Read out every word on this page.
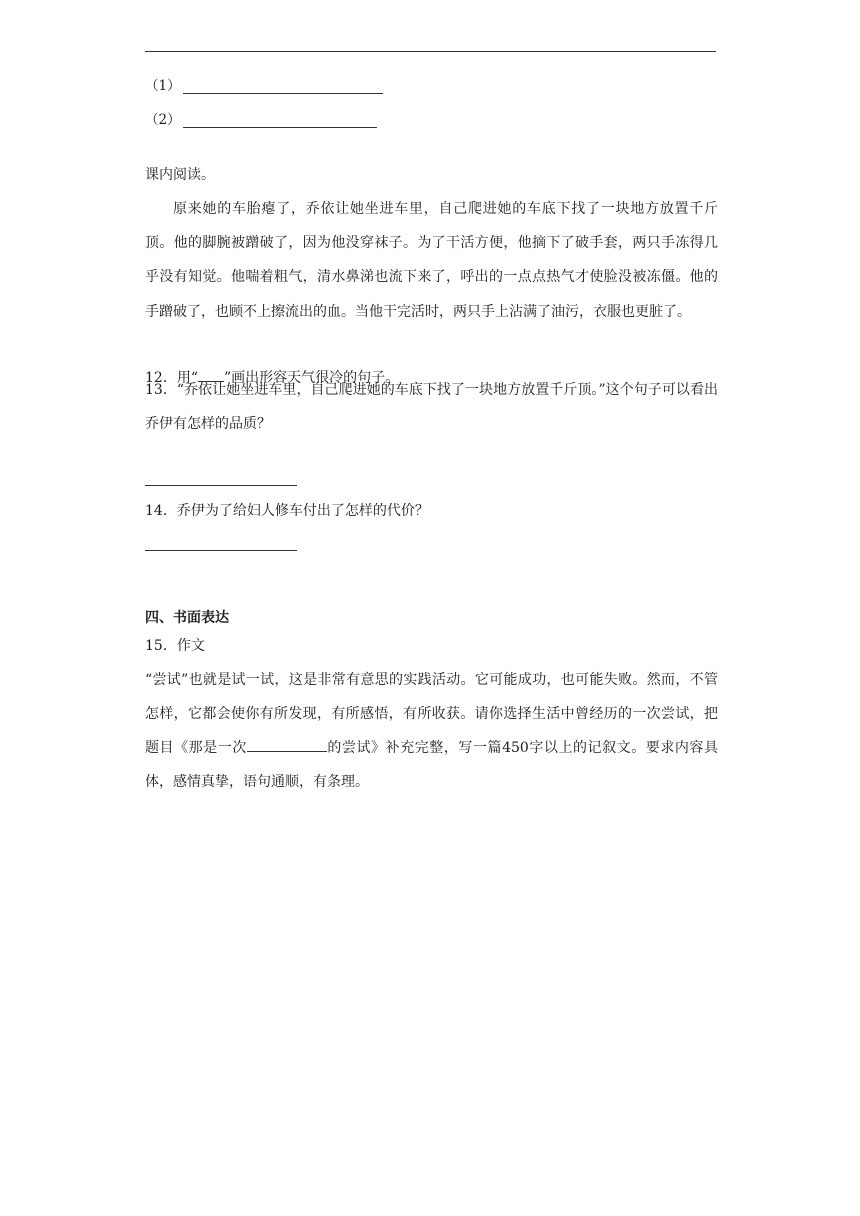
（1）
（2）
课内阅读。

原来她的车胎瘪了，乔依让她坐进车里，自己爬进她的车底下找了一块地方放置千斤顶。他的脚腕被蹭破了，因为他没穿袜子。为了干活方便，他摘下了破手套，两只手冻得几乎没有知觉。他喘着粗气，清水鼻涕也流下来了，呼出的一点点热气才使脸没被冻僵。他的手蹭破了，也顾不上擦流出的血。当他干完活时，两只手上沾满了油污，衣服也更脏了。

12．用“ ”画出形容天气很冷的句子。
13．“乔依让她坐进车里，自己爬进她的车底下找了一块地方放置千斤顶。”这个句子可以看出乔伊有怎样的品质？
14．乔伊为了给妇人修车付出了怎样的代价？
四、书面表达
15．作文
“尝试”也就是试一试，这是非常有意思的实践活动。它可能成功，也可能失败。然而，不管怎样，它都会使你有所发现，有所感悟，有所收获。请你选择生活中曾经历的一次尝试，把题目《那是一次	的尝试》补充完整，写一篇450字以上的记叙文。要求内容具体，感情真挚，语句通顺，有条理。
